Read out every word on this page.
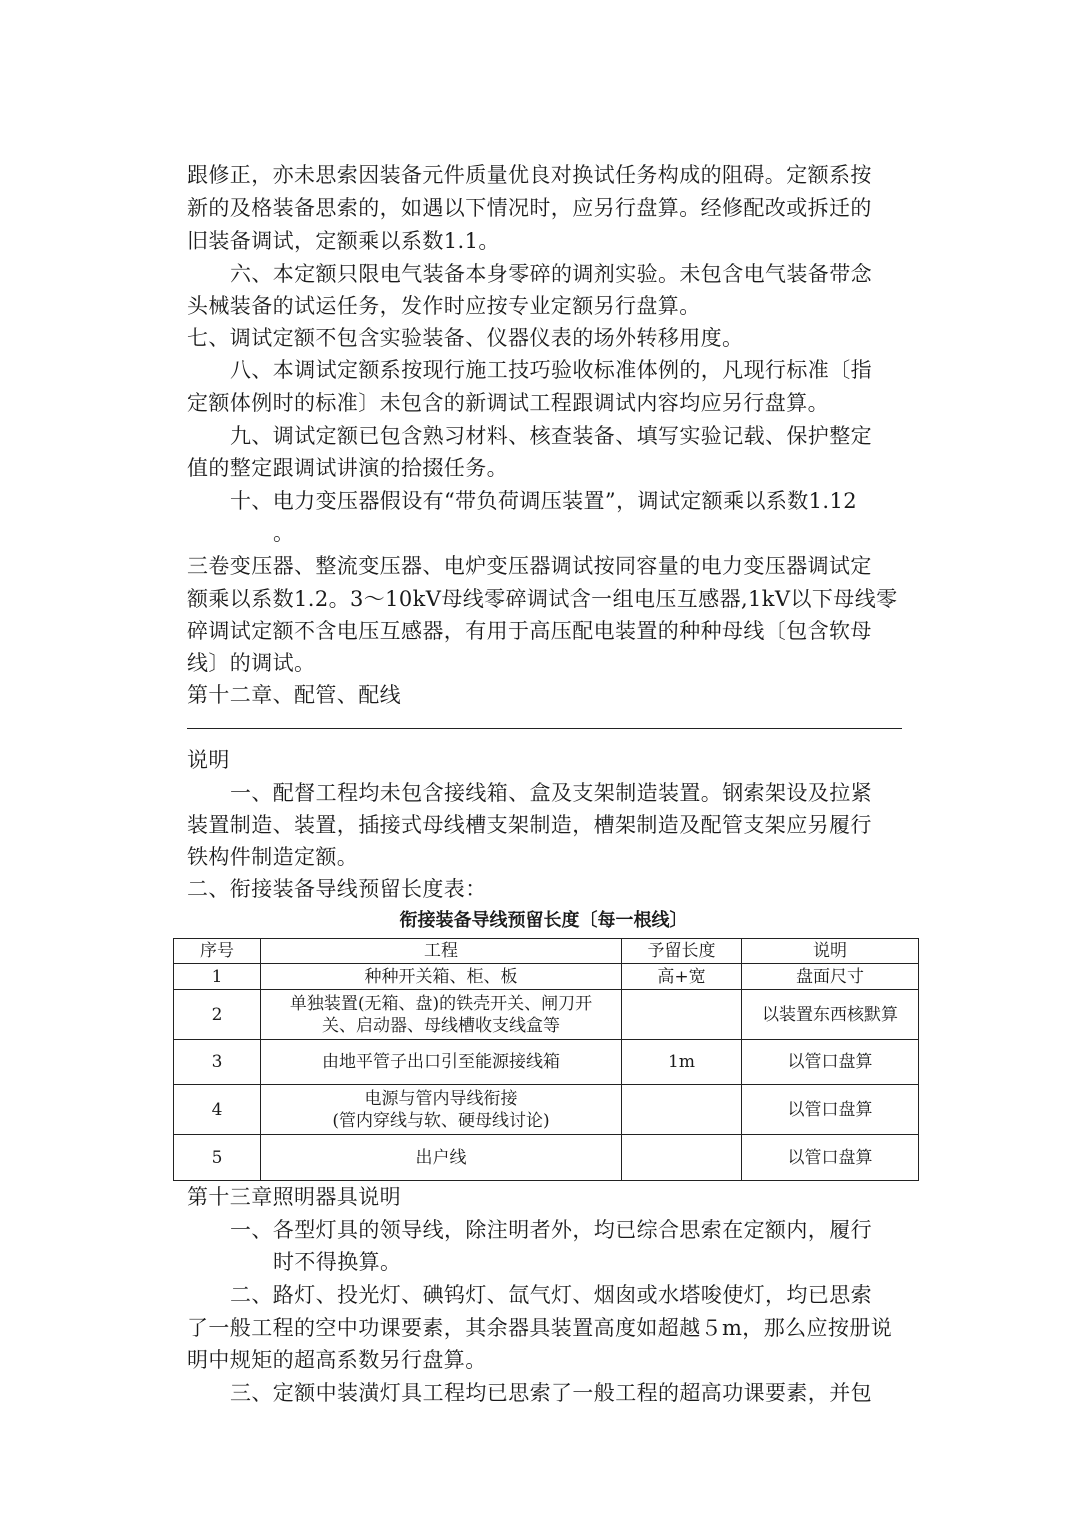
跟修正，亦未思索因装备元件质量优良对换试任务构成的阻碍。定额系按
新的及格装备思索的，如遇以下情况时，应另行盘算。经修配改或拆迁的
旧装备调试，定额乘以系数1.1。
六、本定额只限电气装备本身零碎的调剂实验。未包含电气装备带念
头械装备的试运任务，发作时应按专业定额另行盘算。
七、调试定额不包含实验装备、仪器仪表的场外转移用度。
八、本调试定额系按现行施工技巧验收标准体例的，凡现行标准〔指
定额体例时的标准〕未包含的新调试工程跟调试内容均应另行盘算。
九、调试定额已包含熟习材料、核查装备、填写实验记载、保护整定
值的整定跟调试讲演的拾掇任务。
十、电力变压器假设有“带负荷调压装置”，调试定额乘以系数1.12
。
三卷变压器、整流变压器、电炉变压器调试按同容量的电力变压器调试定
额乘以系数1.2。3～10kV母线零碎调试含一组电压互感器,1kV以下母线零
碎调试定额不含电压互感器，有用于高压配电装置的种种母线〔包含软母
线〕的调试。
第十二章、配管、配线
说明
一、配督工程均未包含接线箱、盒及支架制造装置。钢索架设及拉紧
装置制造、装置，插接式母线槽支架制造，槽架制造及配管支架应另履行
铁构件制造定额。
二、衔接装备导线预留长度表：
衔接装备导线预留长度〔每一根线〕
序号	工程	予留长度	说明
1	种种开关箱、柜、板	高+宽	盘面尺寸
2	单独装置(无箱、盘)的铁壳开关、闸刀开
关、启动器、母线槽收支线盒等		以装置东西核默算
3	由地平管子出口引至能源接线箱	1m	以管口盘算
4	电源与管内导线衔接
(管内穿线与软、硬母线讨论)		以管口盘算
5	出户线		以管口盘算
第十三章照明器具说明
一、各型灯具的领导线，除注明者外，均已综合思索在定额内，履行
时不得换算。
二、路灯、投光灯、碘钨灯、氙气灯、烟囱或水塔唆使灯，均已思索
了一般工程的空中功课要素，其余器具装置高度如超越５m，那么应按册说
明中规矩的超高系数另行盘算。
三、定额中装潢灯具工程均已思索了一般工程的超高功课要素，并包
